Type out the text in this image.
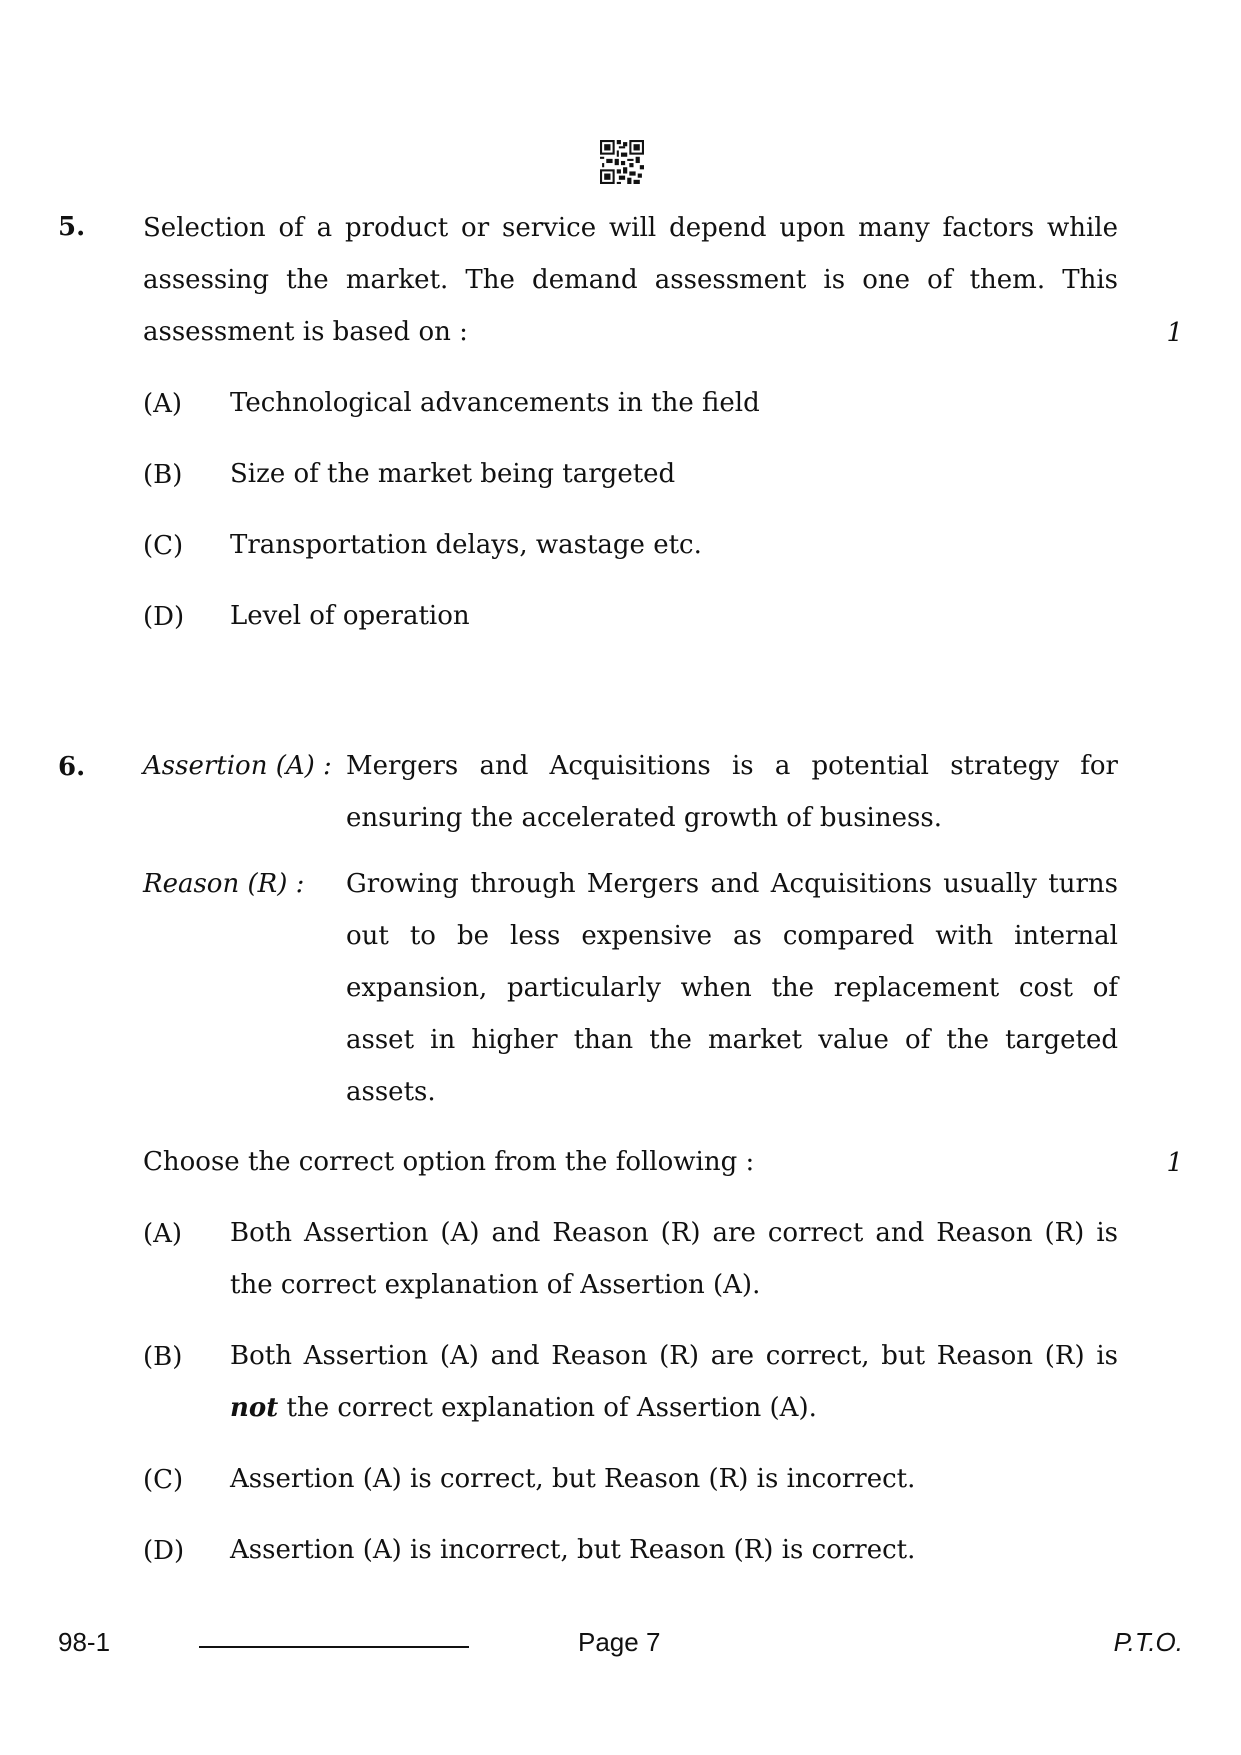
5. Selection of a product or service will depend upon many factors while
assessing the market. The demand assessment is one of them. This
assessment is based on :	1
(A) Technological advancements in the field
(B) Size of the market being targeted
(C) Transportation delays, wastage etc.
(D) Level of operation
6. Assertion (A) : Mergers and Acquisitions is a potential strategy for
ensuring the accelerated growth of business.
Reason (R) : Growing through Mergers and Acquisitions usually turns
out to be less expensive as compared with internal
expansion, particularly when the replacement cost of
asset in higher than the market value of the targeted
assets.
Choose the correct option from the following :	1
(A) Both Assertion (A) and Reason (R) are correct and Reason (R) is
the correct explanation of Assertion (A).
(B) Both Assertion (A) and Reason (R) are correct, but Reason (R) is
not the correct explanation of Assertion (A).
(C) Assertion (A) is correct, but Reason (R) is incorrect.
(D) Assertion (A) is incorrect, but Reason (R) is correct.
98-1	Page 7	P.T.O.
